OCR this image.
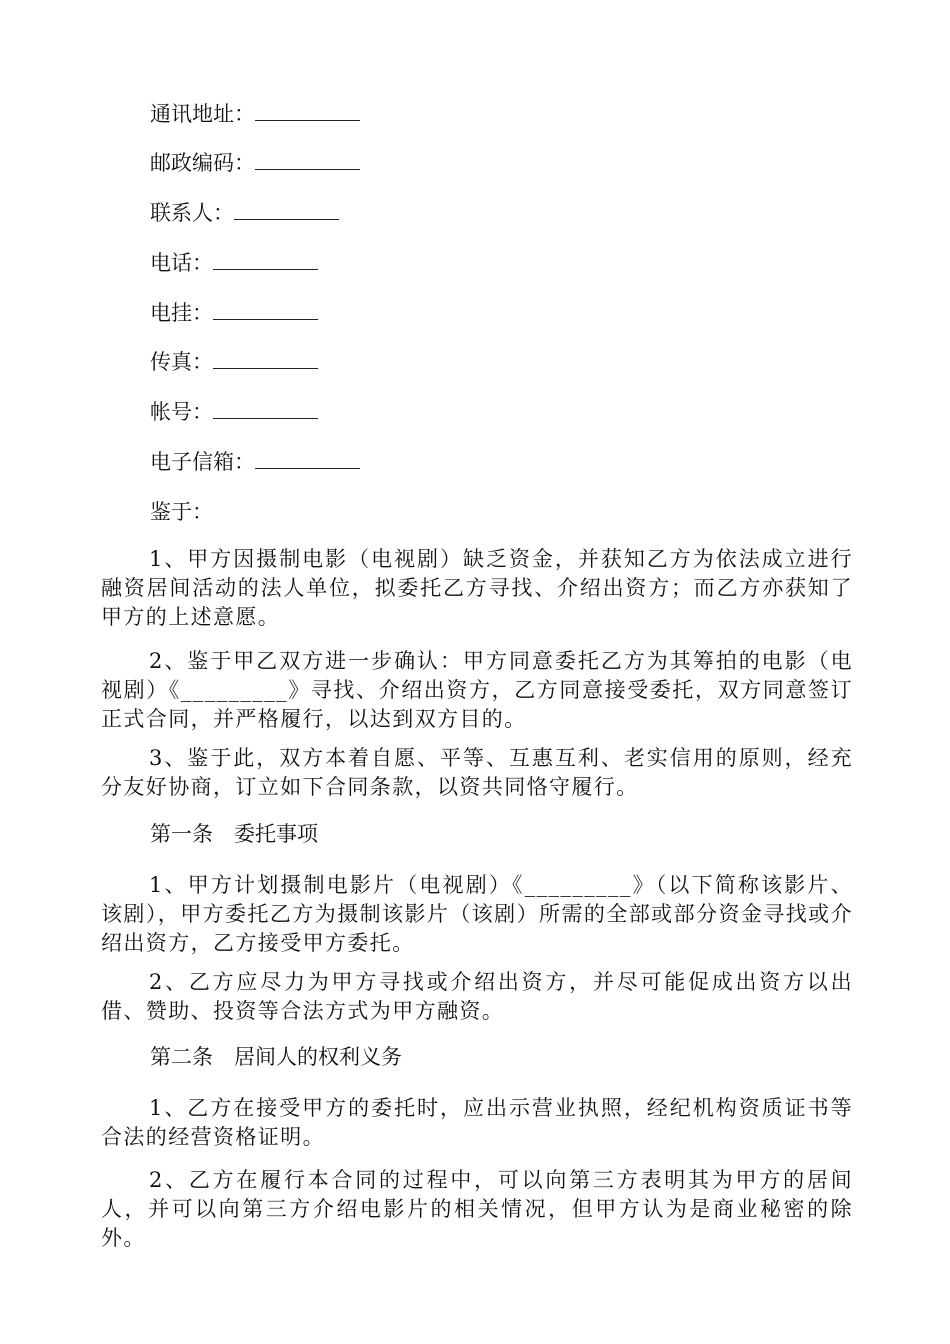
通讯地址：
邮政编码：
联系人：
电话：
电挂：
传真：
帐号：
电子信箱：
鉴于：
1、甲方因摄制电影（电视剧）缺乏资金，并获知乙方为依法成立进行融资居间活动的法人单位，拟委托乙方寻找、介绍出资方；而乙方亦获知了甲方的上述意愿。
2、鉴于甲乙双方进一步确认：甲方同意委托乙方为其筹拍的电影（电视剧）《_________》寻找、介绍出资方，乙方同意接受委托，双方同意签订正式合同，并严格履行，以达到双方目的。
3、鉴于此，双方本着自愿、平等、互惠互利、老实信用的原则，经充分友好协商，订立如下合同条款，以资共同恪守履行。
第一条　委托事项
1、甲方计划摄制电影片（电视剧）《_________》（以下简称该影片、该剧），甲方委托乙方为摄制该影片（该剧）所需的全部或部分资金寻找或介绍出资方，乙方接受甲方委托。
2、乙方应尽力为甲方寻找或介绍出资方，并尽可能促成出资方以出借、赞助、投资等合法方式为甲方融资。
第二条　居间人的权利义务
1、乙方在接受甲方的委托时，应出示营业执照，经纪机构资质证书等合法的经营资格证明。
2、乙方在履行本合同的过程中，可以向第三方表明其为甲方的居间人，并可以向第三方介绍电影片的相关情况，但甲方认为是商业秘密的除外。
